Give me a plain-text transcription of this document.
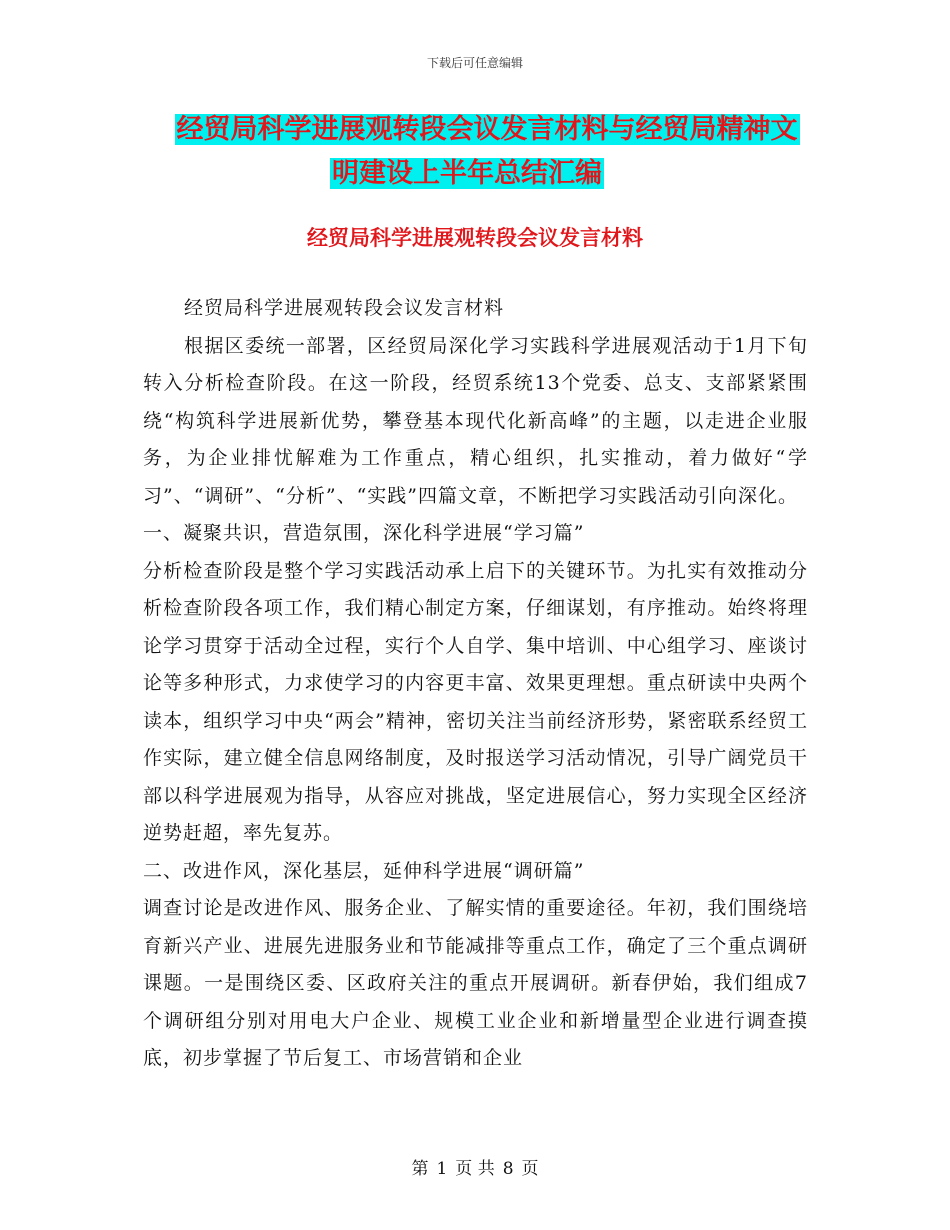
下载后可任意编辑
经贸局科学进展观转段会议发言材料与经贸局精神文
明建设上半年总结汇编
经贸局科学进展观转段会议发言材料

经贸局科学进展观转段会议发言材料

根据区委统一部署，区经贸局深化学习实践科学进展观活动于1月下旬转入分析检查阶段。在这一阶段，经贸系统13个党委、总支、支部紧紧围绕“构筑科学进展新优势，攀登基本现代化新高峰”的主题，以走进企业服务，为企业排忧解难为工作重点，精心组织，扎实推动，着力做好“学习”、“调研”、“分析”、“实践”四篇文章，不断把学习实践活动引向深化。

一、凝聚共识，营造氛围，深化科学进展“学习篇”

分析检查阶段是整个学习实践活动承上启下的关键环节。为扎实有效推动分析检查阶段各项工作，我们精心制定方案，仔细谋划，有序推动。始终将理论学习贯穿于活动全过程，实行个人自学、集中培训、中心组学习、座谈讨论等多种形式，力求使学习的内容更丰富、效果更理想。重点研读中央两个读本，组织学习中央“两会”精神，密切关注当前经济形势，紧密联系经贸工作实际，建立健全信息网络制度，及时报送学习活动情况，引导广阔党员干部以科学进展观为指导，从容应对挑战，坚定进展信心，努力实现全区经济逆势赶超，率先复苏。

二、改进作风，深化基层，延伸科学进展“调研篇”

调查讨论是改进作风、服务企业、了解实情的重要途径。年初，我们围绕培育新兴产业、进展先进服务业和节能减排等重点工作，确定了三个重点调研课题。一是围绕区委、区政府关注的重点开展调研。新春伊始，我们组成7个调研组分别对用电大户企业、规模工业企业和新增量型企业进行调查摸底，初步掌握了节后复工、市场营销和企业

第 1 页 共 8 页
